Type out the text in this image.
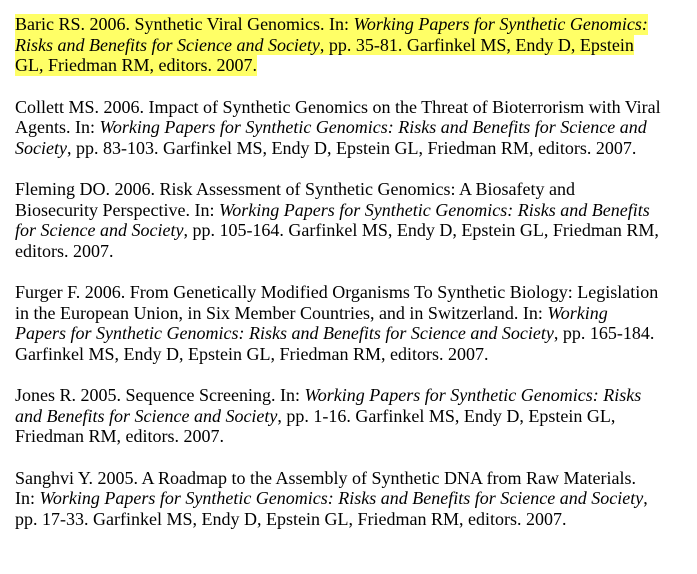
Baric RS. 2006. Synthetic Viral Genomics. In: Working Papers for Synthetic Genomics:
Risks and Benefits for Science and Society, pp. 35-81. Garfinkel MS, Endy D, Epstein
GL, Friedman RM, editors. 2007.
Collett MS. 2006. Impact of Synthetic Genomics on the Threat of Bioterrorism with Viral
Agents. In: Working Papers for Synthetic Genomics: Risks and Benefits for Science and
Society, pp. 83-103. Garfinkel MS, Endy D, Epstein GL, Friedman RM, editors. 2007.
Fleming DO. 2006. Risk Assessment of Synthetic Genomics: A Biosafety and
Biosecurity Perspective. In: Working Papers for Synthetic Genomics: Risks and Benefits
for Science and Society, pp. 105-164. Garfinkel MS, Endy D, Epstein GL, Friedman RM,
editors. 2007.
Furger F. 2006. From Genetically Modified Organisms To Synthetic Biology: Legislation
in the European Union, in Six Member Countries, and in Switzerland. In: Working
Papers for Synthetic Genomics: Risks and Benefits for Science and Society, pp. 165-184.
Garfinkel MS, Endy D, Epstein GL, Friedman RM, editors. 2007.
Jones R. 2005. Sequence Screening. In: Working Papers for Synthetic Genomics: Risks
and Benefits for Science and Society, pp. 1-16. Garfinkel MS, Endy D, Epstein GL,
Friedman RM, editors. 2007.
Sanghvi Y. 2005. A Roadmap to the Assembly of Synthetic DNA from Raw Materials.
In: Working Papers for Synthetic Genomics: Risks and Benefits for Science and Society,
pp. 17-33. Garfinkel MS, Endy D, Epstein GL, Friedman RM, editors. 2007.
